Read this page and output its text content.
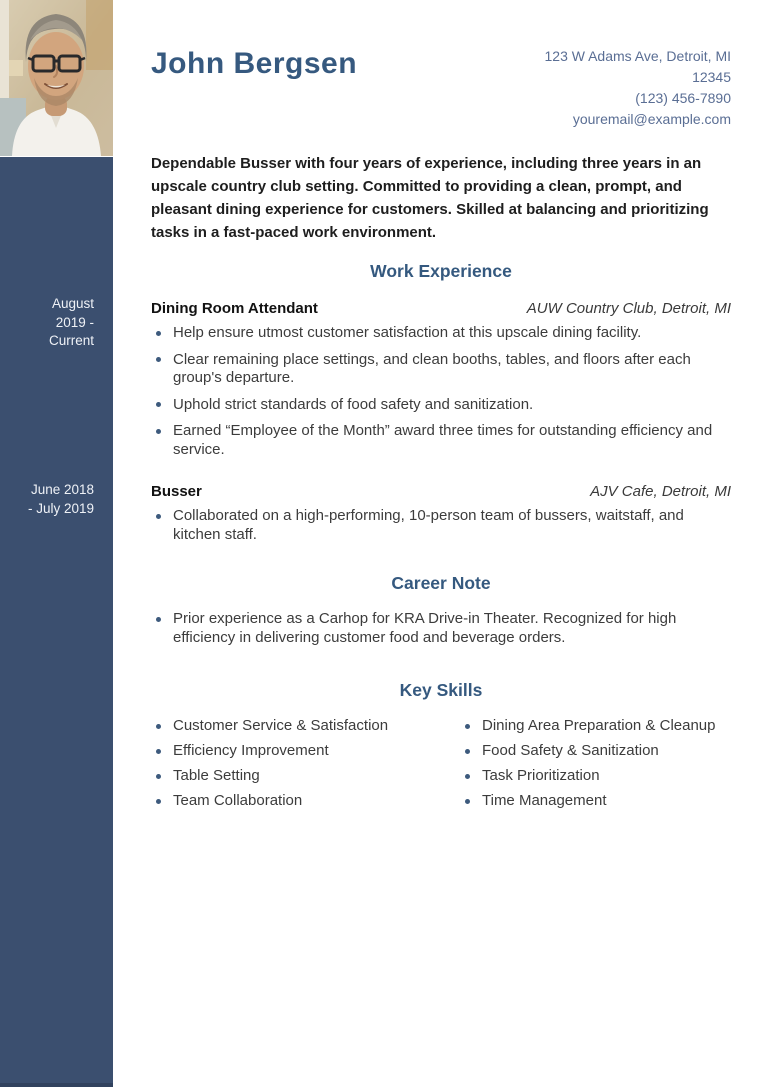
August
2019 -
Current
June 2018
- July 2019
John Bergsen	123 W Adams Ave, Detroit, MI
12345
(123) 456-7890
youremail@example.com

Dependable Busser with four years of experience, including three years in an upscale country club setting. Committed to providing a clean, prompt, and pleasant dining experience for customers. Skilled at balancing and prioritizing tasks in a fast-paced work environment.

Work Experience
Dining Room Attendant	AUW Country Club, Detroit, MI
Help ensure utmost customer satisfaction at this upscale dining facility.
Clear remaining place settings, and clean booths, tables, and floors after each group's departure.
Uphold strict standards of food safety and sanitization.
Earned “Employee of the Month” award three times for outstanding efficiency and service.
Busser	AJV Cafe, Detroit, MI
Collaborated on a high-performing, 10-person team of bussers, waitstaff, and kitchen staff.
Career Note
Prior experience as a Carhop for KRA Drive-in Theater. Recognized for high efficiency in delivering customer food and beverage orders.
Key Skills
Customer Service & Satisfaction
Efficiency Improvement
Table Setting
Team Collaboration
Dining Area Preparation & Cleanup
Food Safety & Sanitization
Task Prioritization
Time Management
